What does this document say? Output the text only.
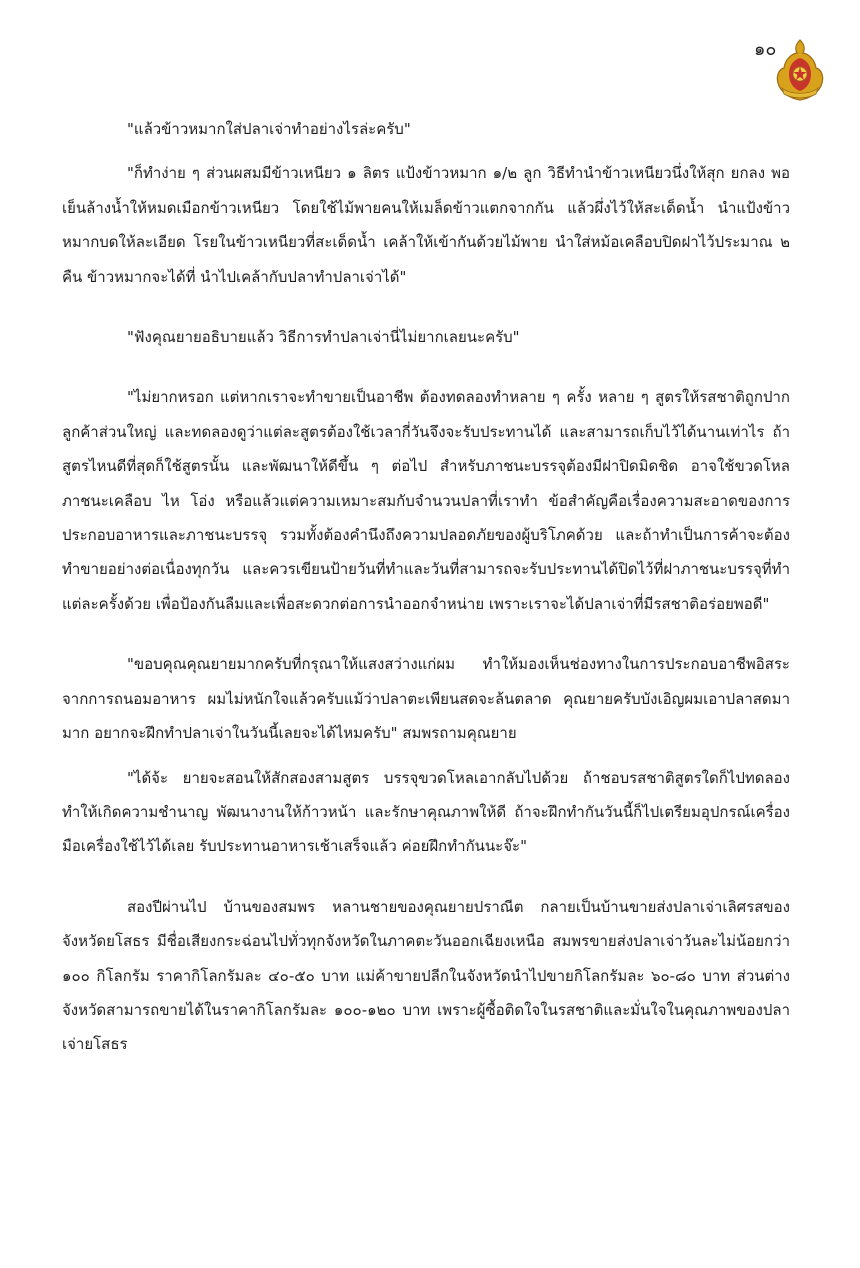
๑๐

"แล้วข้าวหมากใส่ปลาเจ่าทำอย่างไรล่ะครับ"

"ก็ทำง่าย ๆ ส่วนผสมมีข้าวเหนียว ๑ ลิตร แป้งข้าวหมาก ๑/๒ ลูก วิธีทำนำข้าวเหนียวนึ่งให้สุก ยกลง พอเย็นล้างน้ำให้หมดเมือกข้าวเหนียว โดยใช้ไม้พายคนให้เมล็ดข้าวแตกจากกัน แล้วผึ่งไว้ให้สะเด็ดน้ำ นำแป้งข้าวหมากบดให้ละเอียด โรยในข้าวเหนียวที่สะเด็ดน้ำ เคล้าให้เข้ากันด้วยไม้พาย นำใส่หม้อเคลือบปิดฝาไว้ประมาณ ๒ คืน ข้าวหมากจะได้ที่ นำไปเคล้ากับปลาทำปลาเจ่าได้"

"ฟังคุณยายอธิบายแล้ว วิธีการทำปลาเจ่านี่ไม่ยากเลยนะครับ"

"ไม่ยากหรอก แต่หากเราจะทำขายเป็นอาชีพ ต้องทดลองทำหลาย ๆ ครั้ง หลาย ๆ สูตรให้รสชาติถูกปากลูกค้าส่วนใหญ่ และทดลองดูว่าแต่ละสูตรต้องใช้เวลากี่วันจึงจะรับประทานได้ และสามารถเก็บไว้ได้นานเท่าไร ถ้าสูตรไหนดีที่สุดก็ใช้สูตรนั้น และพัฒนาให้ดีขึ้น ๆ ต่อไป สำหรับภาชนะบรรจุต้องมีฝาปิดมิดชิด อาจใช้ขวดโหล ภาชนะเคลือบ ไห โอ่ง หรือแล้วแต่ความเหมาะสมกับจำนวนปลาที่เราทำ ข้อสำคัญคือเรื่องความสะอาดของการประกอบอาหารและภาชนะบรรจุ รวมทั้งต้องคำนึงถึงความปลอดภัยของผู้บริโภคด้วย และถ้าทำเป็นการค้าจะต้องทำขายอย่างต่อเนื่องทุกวัน และควรเขียนป้ายวันที่ทำและวันที่สามารถจะรับประทานได้ปิดไว้ที่ฝาภาชนะบรรจุที่ทำแต่ละครั้งด้วย เพื่อป้องกันลืมและเพื่อสะดวกต่อการนำออกจำหน่าย เพราะเราจะได้ปลาเจ่าที่มีรสชาติอร่อยพอดี"

"ขอบคุณคุณยายมากครับที่กรุณาให้แสงสว่างแก่ผม ทำให้มองเห็นช่องทางในการประกอบอาชีพอิสระจากการถนอมอาหาร ผมไม่หนักใจแล้วครับแม้ว่าปลาตะเพียนสดจะล้นตลาด คุณยายครับบังเอิญผมเอาปลาสดมามาก อยากจะฝึกทำปลาเจ่าในวันนี้เลยจะได้ไหมครับ" สมพรถามคุณยาย

"ได้จ้ะ ยายจะสอนให้สักสองสามสูตร บรรจุขวดโหลเอากลับไปด้วย ถ้าชอบรสชาติสูตรใดก็ไปทดลองทำให้เกิดความชำนาญ พัฒนางานให้ก้าวหน้า และรักษาคุณภาพให้ดี ถ้าจะฝึกทำกันวันนี้ก็ไปเตรียมอุปกรณ์เครื่องมือเครื่องใช้ไว้ได้เลย รับประทานอาหารเช้าเสร็จแล้ว ค่อยฝึกทำกันนะจ๊ะ"

สองปีผ่านไป บ้านของสมพร หลานชายของคุณยายปราณีต กลายเป็นบ้านขายส่งปลาเจ่าเลิศรสของจังหวัดยโสธร มีชื่อเสียงกระฉ่อนไปทั่วทุกจังหวัดในภาคตะวันออกเฉียงเหนือ สมพรขายส่งปลาเจ่าวันละไม่น้อยกว่า ๑๐๐ กิโลกรัม ราคากิโลกรัมละ ๔๐-๕๐ บาท แม่ค้าขายปลีกในจังหวัดนำไปขายกิโลกรัมละ ๖๐-๘๐ บาท ส่วนต่างจังหวัดสามารถขายได้ในราคากิโลกรัมละ ๑๐๐-๑๒๐ บาท เพราะผู้ซื้อติดใจในรสชาติและมั่นใจในคุณภาพของปลาเจ่ายโสธร
